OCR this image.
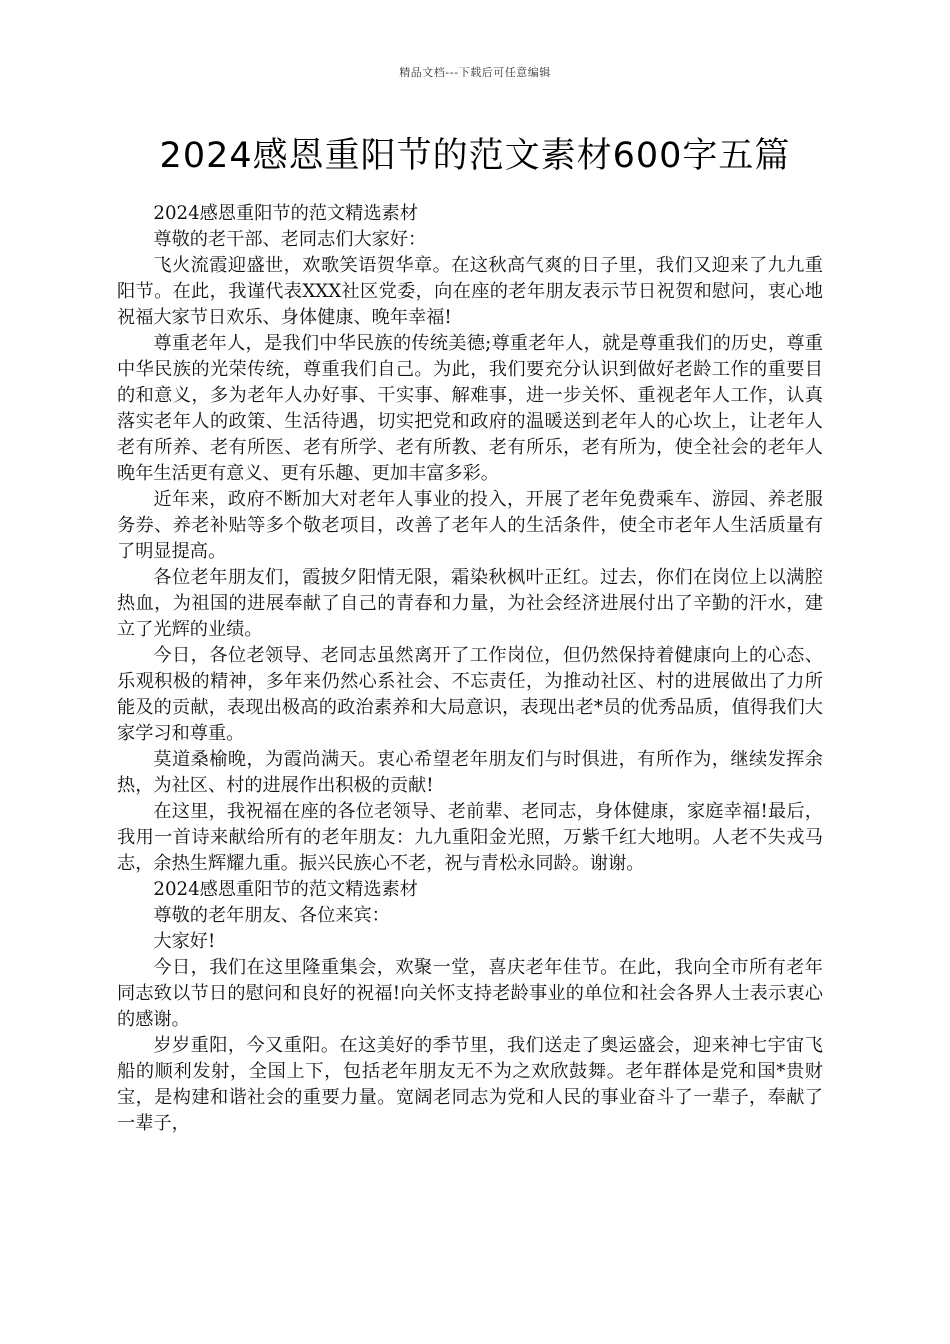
精品文档---下载后可任意编辑
2024感恩重阳节的范文素材600字五篇

2024感恩重阳节的范文精选素材

尊敬的老干部、老同志们大家好：

飞火流霞迎盛世，欢歌笑语贺华章。在这秋高气爽的日子里，我们又迎来了九九重阳节。在此，我谨代表XXX社区党委，向在座的老年朋友表示节日祝贺和慰问，衷心地祝福大家节日欢乐、身体健康、晚年幸福!

尊重老年人，是我们中华民族的传统美德;尊重老年人，就是尊重我们的历史，尊重中华民族的光荣传统，尊重我们自己。为此，我们要充分认识到做好老龄工作的重要目的和意义，多为老年人办好事、干实事、解难事，进一步关怀、重视老年人工作，认真落实老年人的政策、生活待遇，切实把党和政府的温暖送到老年人的心坎上，让老年人老有所养、老有所医、老有所学、老有所教、老有所乐，老有所为，使全社会的老年人晚年生活更有意义、更有乐趣、更加丰富多彩。

近年来，政府不断加大对老年人事业的投入，开展了老年免费乘车、游园、养老服务券、养老补贴等多个敬老项目，改善了老年人的生活条件，使全市老年人生活质量有了明显提高。

各位老年朋友们，霞披夕阳情无限，霜染秋枫叶正红。过去，你们在岗位上以满腔热血，为祖国的进展奉献了自己的青春和力量，为社会经济进展付出了辛勤的汗水，建立了光辉的业绩。

今日，各位老领导、老同志虽然离开了工作岗位，但仍然保持着健康向上的心态、乐观积极的精神，多年来仍然心系社会、不忘责任，为推动社区、村的进展做出了力所能及的贡献，表现出极高的政治素养和大局意识，表现出老*员的优秀品质，值得我们大家学习和尊重。

莫道桑榆晚，为霞尚满天。衷心希望老年朋友们与时俱进，有所作为，继续发挥余热，为社区、村的进展作出积极的贡献!

在这里，我祝福在座的各位老领导、老前辈、老同志，身体健康，家庭幸福!最后，我用一首诗来献给所有的老年朋友：九九重阳金光照，万紫千红大地明。人老不失戎马志，余热生辉耀九重。振兴民族心不老，祝与青松永同龄。谢谢。

2024感恩重阳节的范文精选素材

尊敬的老年朋友、各位来宾：

大家好!

今日，我们在这里隆重集会，欢聚一堂，喜庆老年佳节。在此，我向全市所有老年同志致以节日的慰问和良好的祝福!向关怀支持老龄事业的单位和社会各界人士表示衷心的感谢。

岁岁重阳，今又重阳。在这美好的季节里，我们送走了奥运盛会，迎来神七宇宙飞船的顺利发射，全国上下，包括老年朋友无不为之欢欣鼓舞。老年群体是党和国*贵财宝，是构建和谐社会的重要力量。宽阔老同志为党和人民的事业奋斗了一辈子，奉献了一辈子，
